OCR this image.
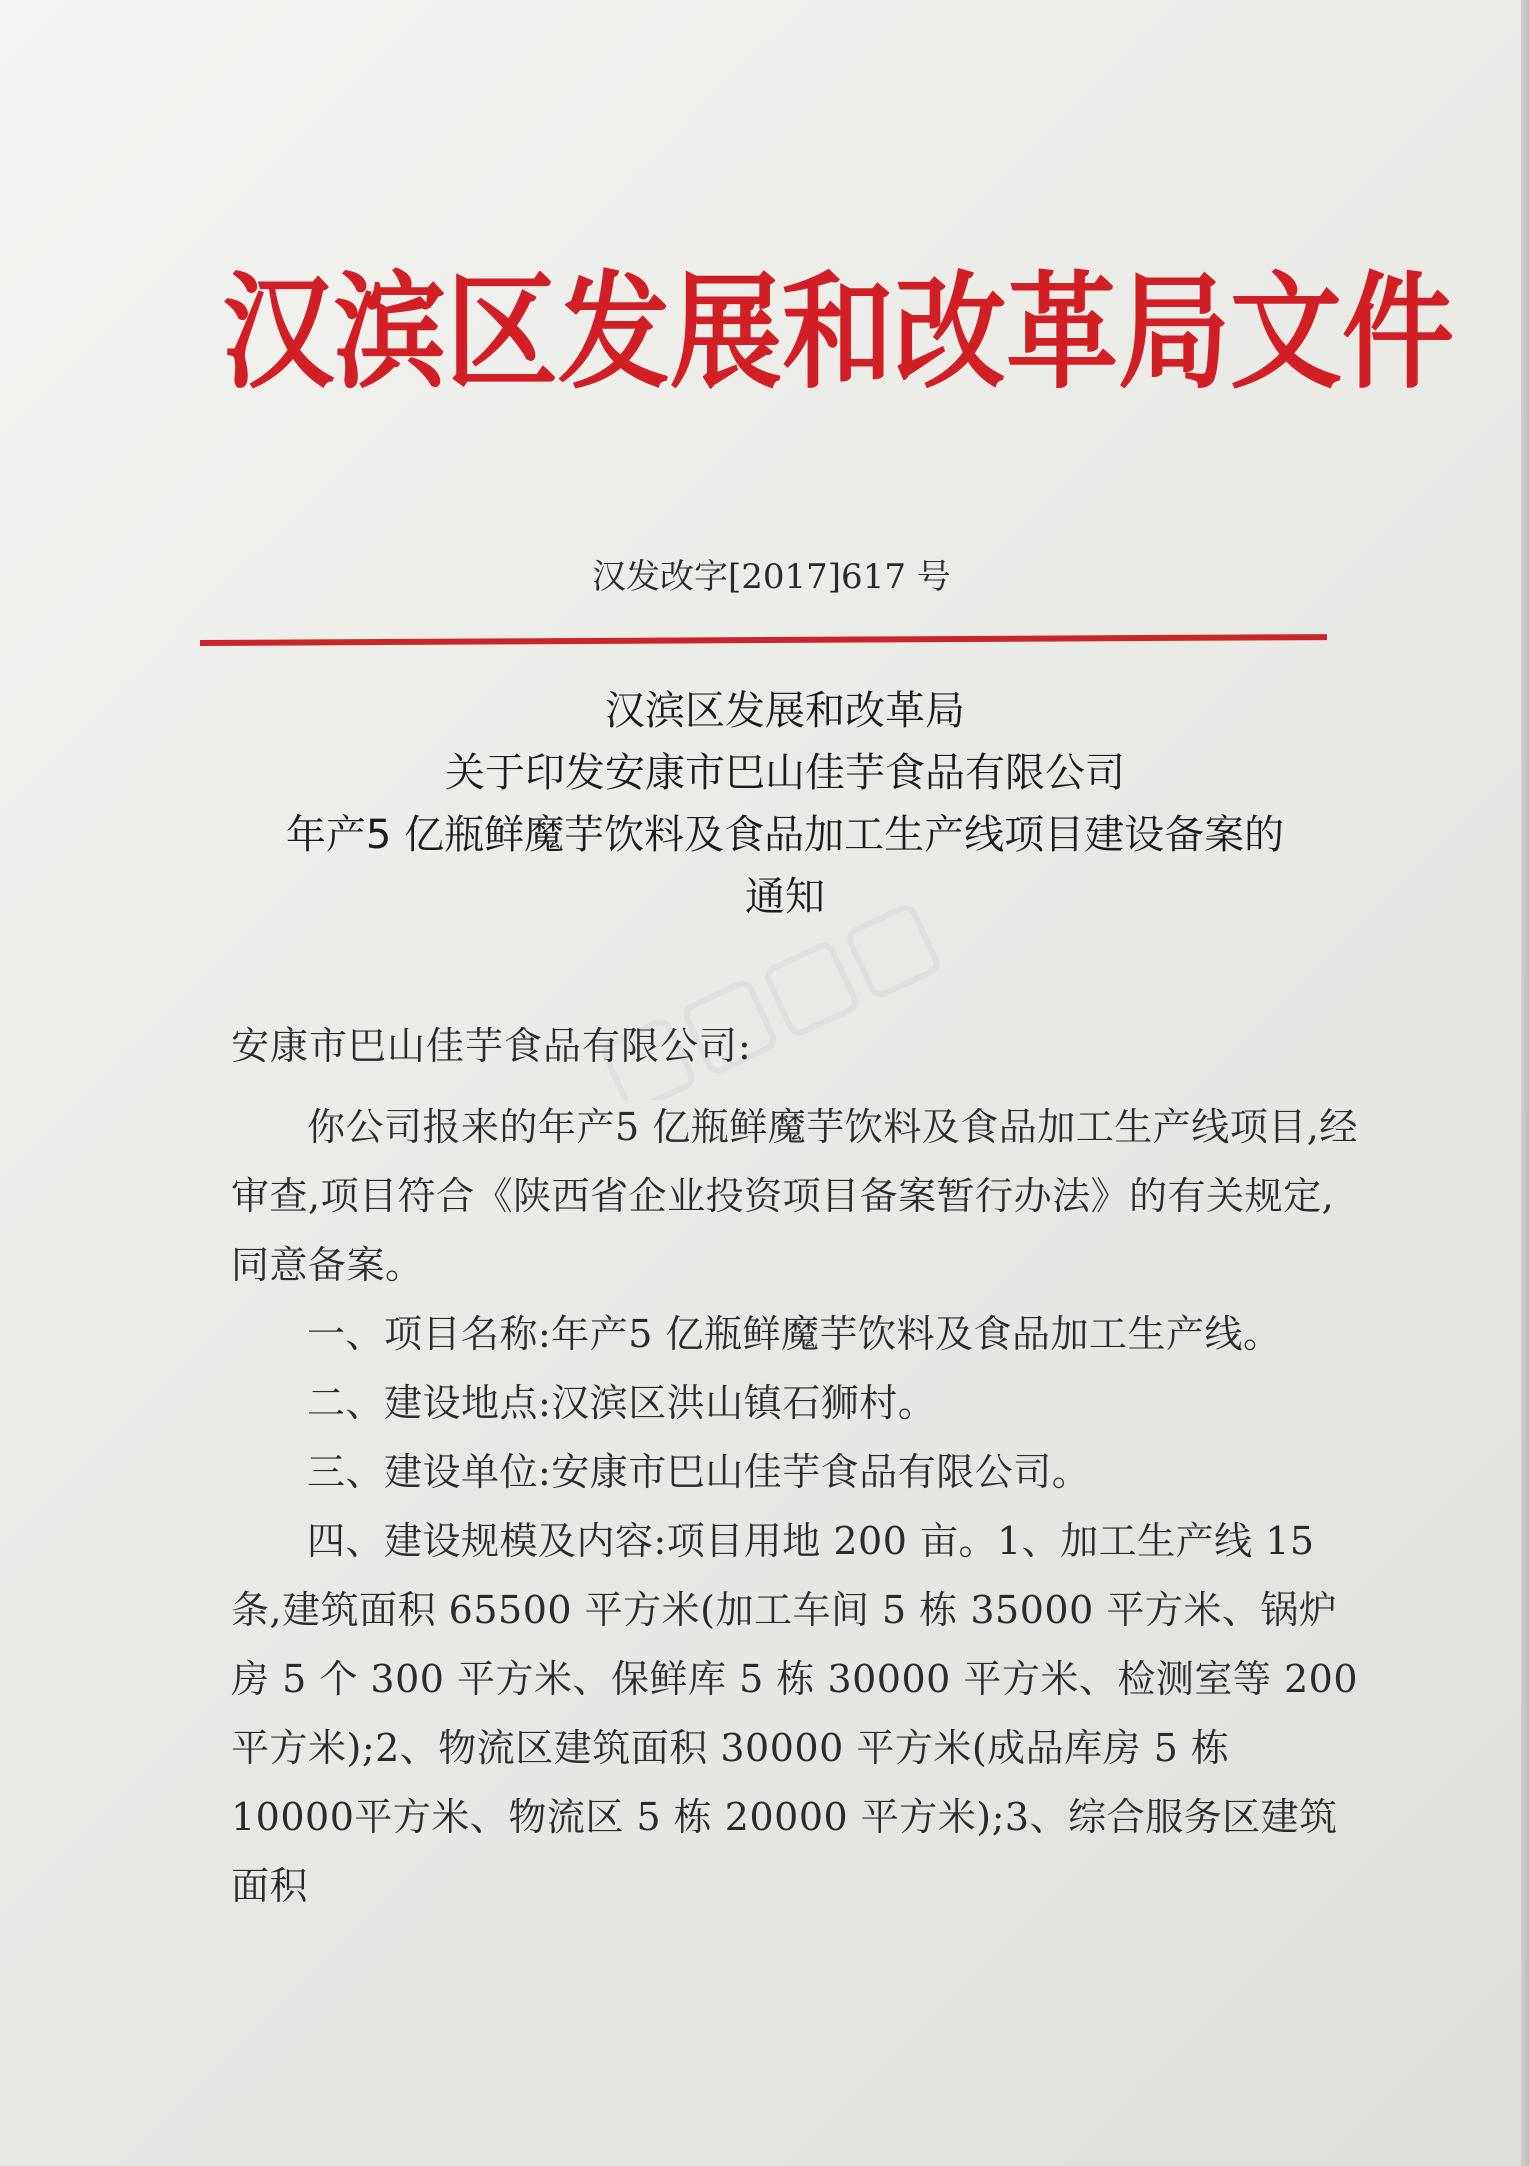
汉滨区发展和改革局文件
汉发改字[2017]617 号
汉滨区发展和改革局
关于印发安康市巴山佳芋食品有限公司
年产5 亿瓶鲜魔芋饮料及食品加工生产线项目建设备案的
通知

安康市巴山佳芋食品有限公司:

你公司报来的年产5 亿瓶鲜魔芋饮料及食品加工生产线项目,经审查,项目符合《陕西省企业投资项目备案暂行办法》的有关规定,同意备案。

一、项目名称:年产5 亿瓶鲜魔芋饮料及食品加工生产线。

二、建设地点:汉滨区洪山镇石狮村。

三、建设单位:安康市巴山佳芋食品有限公司。

四、建设规模及内容:项目用地 200 亩。1、加工生产线 15条,建筑面积 65500 平方米(加工车间 5 栋 35000 平方米、锅炉房 5 个 300 平方米、保鲜库 5 栋 30000 平方米、检测室等 200平方米);2、物流区建筑面积 30000 平方米(成品库房 5 栋 10000平方米、物流区 5 栋 20000 平方米);3、综合服务区建筑面积
